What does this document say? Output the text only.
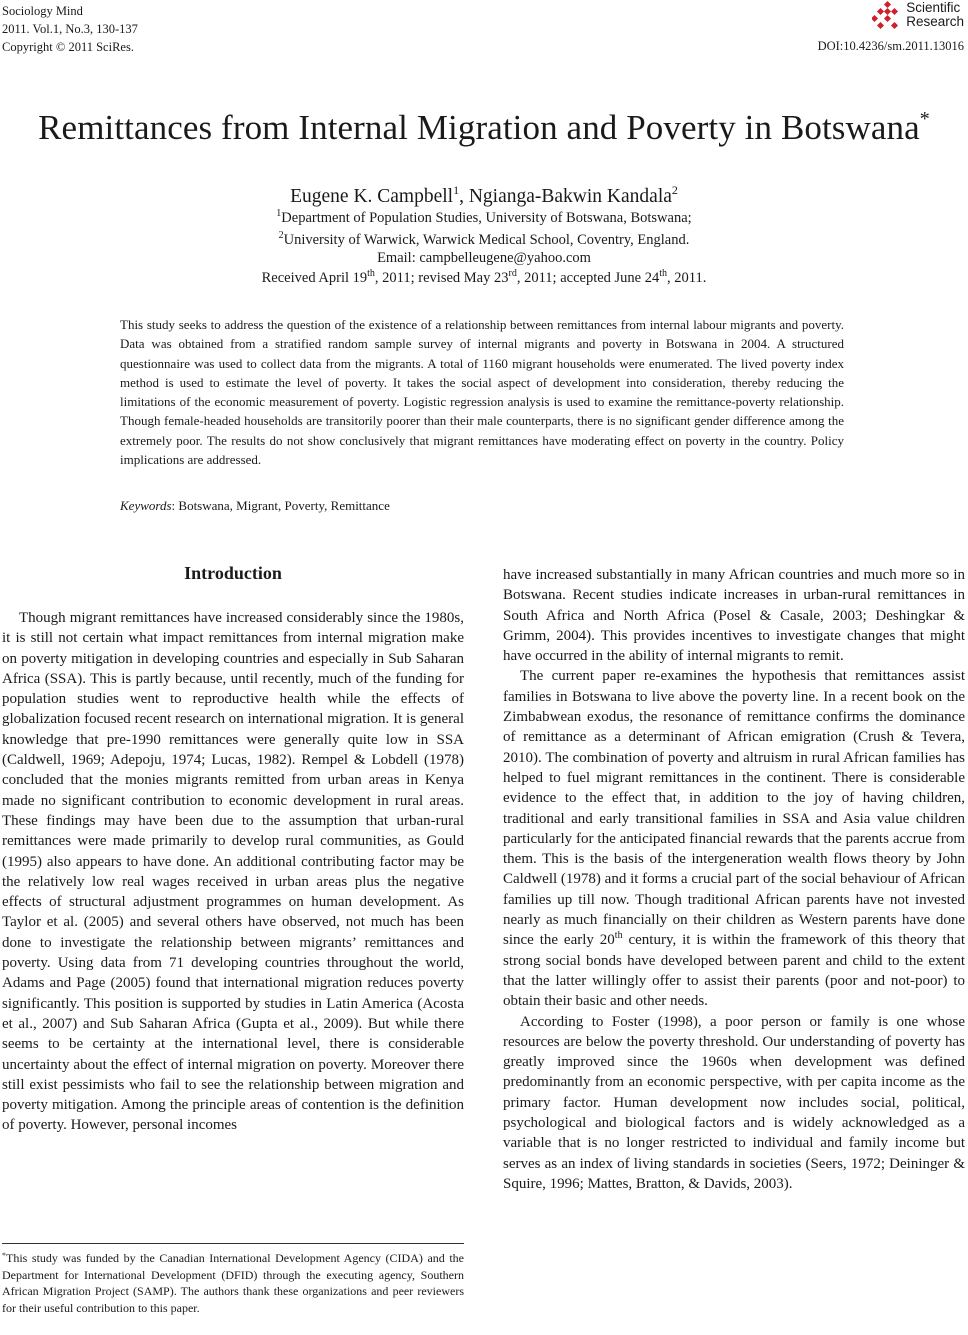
Sociology Mind
2011. Vol.1, No.3, 130-137
Copyright © 2011 SciRes.
Scientific
Research
DOI:10.4236/sm.2011.13016
Remittances from Internal Migration and Poverty in Botswana*
Eugene K. Campbell$^1$, Ngianga-Bakwin Kandala$^2$
$^1$Department of Population Studies, University of Botswana, Botswana;
$^2$University of Warwick, Warwick Medical School, Coventry, England.
Email: campbelleugene@yahoo.com
Received April 19th, 2011; revised May 23rd, 2011; accepted June 24th, 2011.
This study seeks to address the question of the existence of a relationship between remittances from internal labour migrants and poverty. Data was obtained from a stratified random sample survey of internal migrants and poverty in Botswana in 2004. A structured questionnaire was used to collect data from the migrants. A total of 1160 migrant households were enumerated. The lived poverty index method is used to estimate the level of poverty. It takes the social aspect of development into consideration, thereby reducing the limitations of the economic measurement of poverty. Logistic regression analysis is used to examine the remittance-poverty relationship. Though female-headed households are transitorily poorer than their male counterparts, there is no significant gender difference among the extremely poor. The results do not show conclusively that migrant remittances have moderating effect on poverty in the country. Policy implications are addressed.
Keywords: Botswana, Migrant, Poverty, Remittance
Introduction

Though migrant remittances have increased considerably since the 1980s, it is still not certain what impact remittances from internal migration make on poverty mitigation in developing countries and especially in Sub Saharan Africa (SSA). This is partly because, until recently, much of the funding for population studies went to reproductive health while the effects of globalization focused recent research on international migration. It is general knowledge that pre-1990 remittances were generally quite low in SSA (Caldwell, 1969; Adepoju, 1974; Lucas, 1982). Rempel & Lobdell (1978) concluded that the monies migrants remitted from urban areas in Kenya made no significant contribution to economic development in rural areas. These findings may have been due to the assumption that urban-rural remittances were made primarily to develop rural communities, as Gould (1995) also appears to have done. An additional contributing factor may be the relatively low real wages received in urban areas plus the negative effects of structural adjustment programmes on human development. As Taylor et al. (2005) and several others have observed, not much has been done to investigate the relationship between migrants’ remittances and poverty. Using data from 71 developing countries throughout the world, Adams and Page (2005) found that international migration reduces poverty significantly. This position is supported by studies in Latin America (Acosta et al., 2007) and Sub Saharan Africa (Gupta et al., 2009). But while there seems to be certainty at the international level, there is considerable uncertainty about the effect of internal migration on poverty. Moreover there still exist pessimists who fail to see the relationship between migration and poverty mitigation. Among the principle areas of contention is the definition of poverty. However, personal incomes

*This study was funded by the Canadian International Development Agency (CIDA) and the Department for International Development (DFID) through the executing agency, Southern African Migration Project (SAMP). The authors thank these organizations and peer reviewers for their useful contribution to this paper.

have increased substantially in many African countries and much more so in Botswana. Recent studies indicate increases in urban-rural remittances in South Africa and North Africa (Posel & Casale, 2003; Deshingkar & Grimm, 2004). This provides incentives to investigate changes that might have occurred in the ability of internal migrants to remit.

The current paper re-examines the hypothesis that remittances assist families in Botswana to live above the poverty line. In a recent book on the Zimbabwean exodus, the resonance of remittance confirms the dominance of remittance as a determinant of African emigration (Crush & Tevera, 2010). The combination of poverty and altruism in rural African families has helped to fuel migrant remittances in the continent. There is considerable evidence to the effect that, in addition to the joy of having children, traditional and early transitional families in SSA and Asia value children particularly for the anticipated financial rewards that the parents accrue from them. This is the basis of the intergeneration wealth flows theory by John Caldwell (1978) and it forms a crucial part of the social behaviour of African families up till now. Though traditional African parents have not invested nearly as much financially on their children as Western parents have done since the early 20th century, it is within the framework of this theory that strong social bonds have developed between parent and child to the extent that the latter willingly offer to assist their parents (poor and not-poor) to obtain their basic and other needs.

According to Foster (1998), a poor person or family is one whose resources are below the poverty threshold. Our understanding of poverty has greatly improved since the 1960s when development was defined predominantly from an economic perspective, with per capita income as the primary factor. Human development now includes social, political, psychological and biological factors and is widely acknowledged as a variable that is no longer restricted to individual and family income but serves as an index of living standards in societies (Seers, 1972; Deininger & Squire, 1996; Mattes, Bratton, & Davids, 2003).
